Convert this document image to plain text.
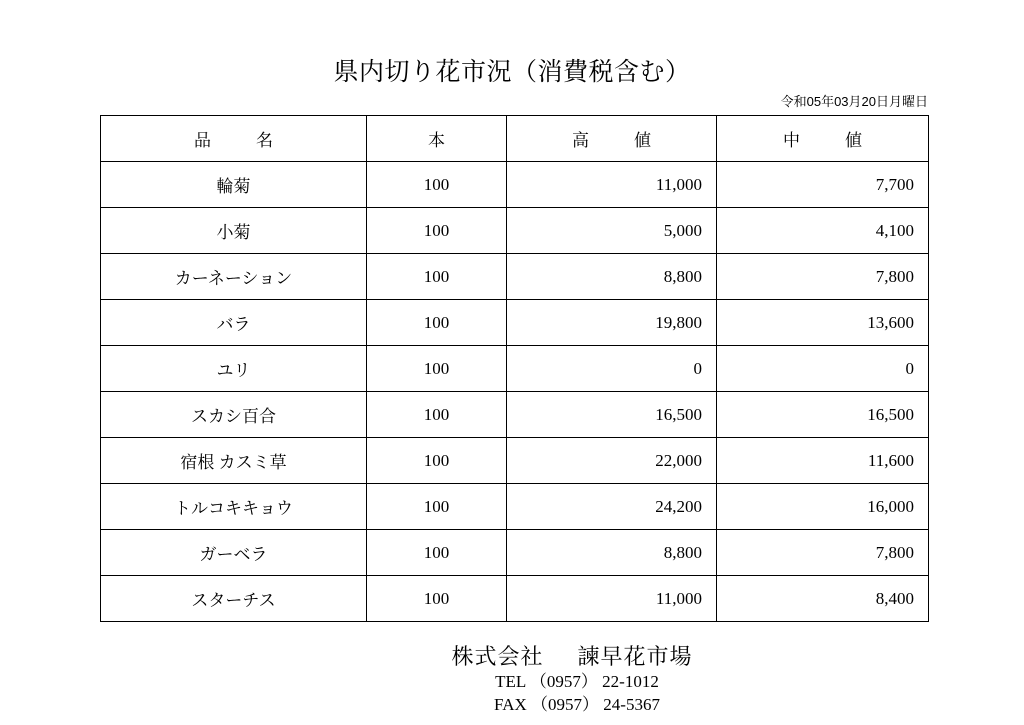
県内切り花市況（消費税含む）
令和05年03月20日月曜日
品　名	本	高　値	中　値
輪菊	100	11,000	7,700
小菊	100	5,000	4,100
カーネーション	100	8,800	7,800
バラ	100	19,800	13,600
ユリ	100	0	0
スカシ百合	100	16,500	16,500
宿根 カスミ草	100	22,000	11,600
トルコキキョウ	100	24,200	16,000
ガーベラ	100	8,800	7,800
スターチス	100	11,000	8,400
株式会社 諫早花市場
TEL （0957） 22-1012
FAX （0957） 24-5367
